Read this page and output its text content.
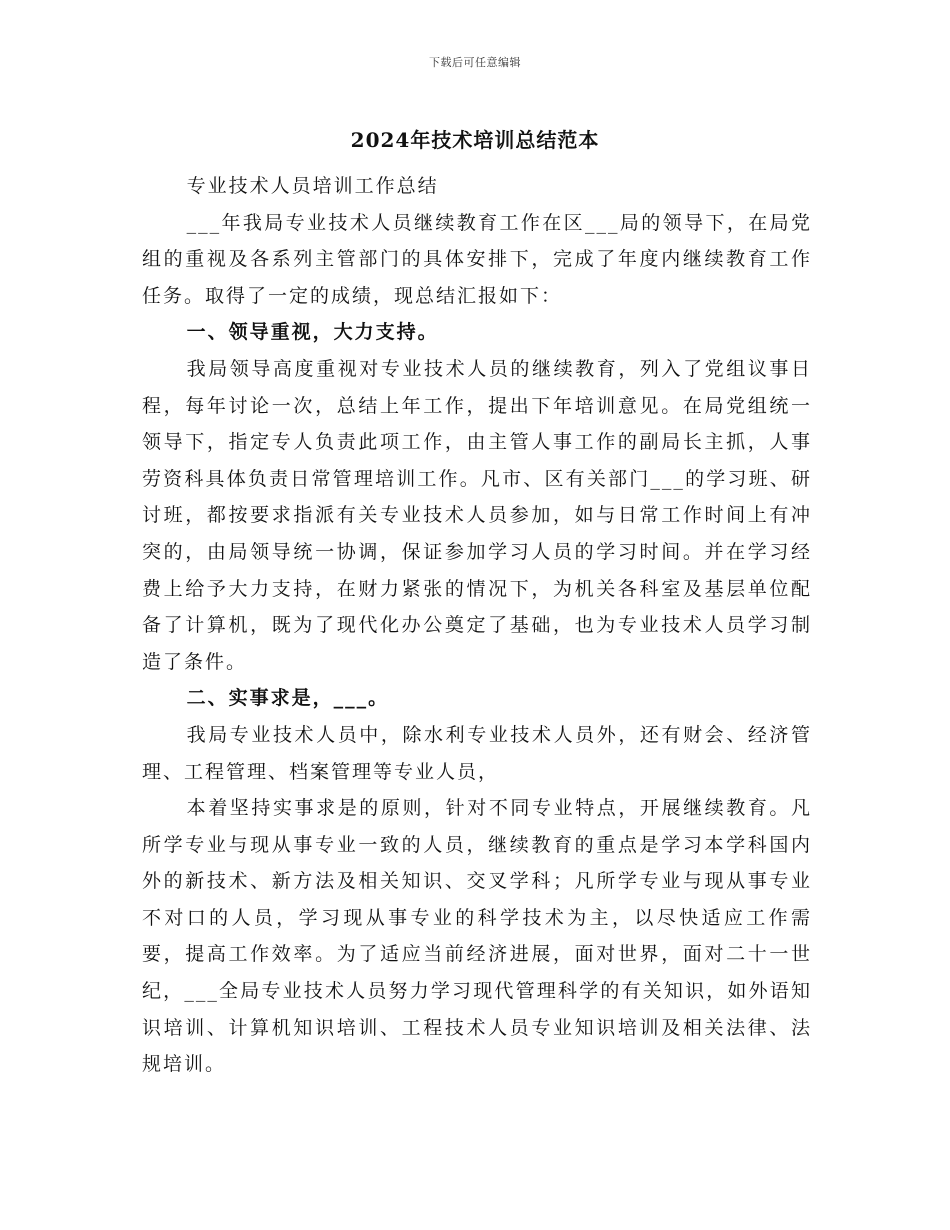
下载后可任意编辑
2024年技术培训总结范本

专业技术人员培训工作总结

___年我局专业技术人员继续教育工作在区___局的领导下，在局党组的重视及各系列主管部门的具体安排下，完成了年度内继续教育工作任务。取得了一定的成绩，现总结汇报如下：

一、领导重视，大力支持。

我局领导高度重视对专业技术人员的继续教育，列入了党组议事日程，每年讨论一次，总结上年工作，提出下年培训意见。在局党组统一领导下，指定专人负责此项工作，由主管人事工作的副局长主抓，人事劳资科具体负责日常管理培训工作。凡市、区有关部门___的学习班、研讨班，都按要求指派有关专业技术人员参加，如与日常工作时间上有冲突的，由局领导统一协调，保证参加学习人员的学习时间。并在学习经费上给予大力支持，在财力紧张的情况下，为机关各科室及基层单位配备了计算机，既为了现代化办公奠定了基础，也为专业技术人员学习制造了条件。

二、实事求是，___。

我局专业技术人员中，除水利专业技术人员外，还有财会、经济管理、工程管理、档案管理等专业人员，

本着坚持实事求是的原则，针对不同专业特点，开展继续教育。凡所学专业与现从事专业一致的人员，继续教育的重点是学习本学科国内外的新技术、新方法及相关知识、交叉学科；凡所学专业与现从事专业不对口的人员，学习现从事专业的科学技术为主，以尽快适应工作需要，提高工作效率。为了适应当前经济进展，面对世界，面对二十一世纪，___全局专业技术人员努力学习现代管理科学的有关知识，如外语知识培训、计算机知识培训、工程技术人员专业知识培训及相关法律、法规培训。
